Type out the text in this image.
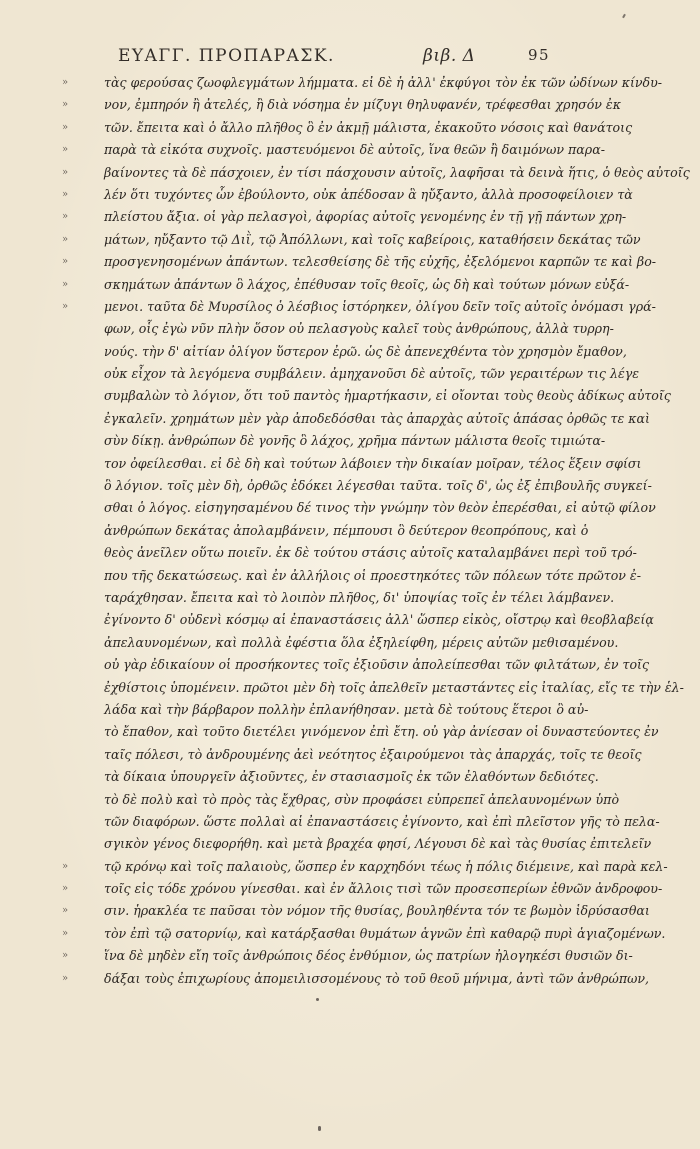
ΕΥΑΓΓ. ΠΡΟΠΑΡΑΣΚ.	βιβ. Δ	95
»	τὰς φερούσας ζωοφλεγμάτων λήμματα. εἰ δὲ ἡ ἀλλ' ἐκφύγοι τὸν ἐκ τῶν ὠδίνων κίνδυ-
»	νον, ἐμπηρόν ἢ ἀτελές, ἢ διὰ νόσημα ἐν μίζυγι θηλυφανέν, τρέφεσθαι χρησόν ἐκ
»	τῶν. ἔπειτα καὶ ὁ ἄλλο πλῆθος ὃ ἐν ἀκμῇ μάλιστα, ἐκακοῦτο νόσοις καὶ θανάτοις
»	παρὰ τὰ εἰκότα συχνοῖς. μαστευόμενοι δὲ αὐτοῖς, ἵνα θεῶν ἢ δαιμόνων παρα-
»	βαίνοντες τὰ δὲ πάσχοιεν, ἐν τίσι πάσχουσιν αὐτοῖς, λαφῆσαι τὰ δεινὰ ἥτις, ὁ θεὸς αὐτοῖς
»	λέν ὅτι τυχόντες ὧν ἐβούλοντο, οὐκ ἀπέδοσαν ἃ ηὔξαντο, ἀλλὰ προσοφείλοιεν τὰ
»	πλείστου ἄξια. οἱ γὰρ πελασγοὶ, ἀφορίας αὐτοῖς γενομένης ἐν τῇ γῇ πάντων χρη-
»	μάτων, ηὔξαντο τῷ Διῒ, τῷ Ἀπόλλωνι, καὶ τοῖς καβείροις, καταθήσειν δεκάτας τῶν
»	προσγενησομένων ἀπάντων. τελεσθείσης δὲ τῆς εὐχῆς, ἐξελόμενοι καρπῶν τε καὶ βο-
»	σκημάτων ἀπάντων ὃ λάχος, ἐπέθυσαν τοῖς θεοῖς, ὡς δὴ καὶ τούτων μόνων εὐξά-
»	μενοι. ταῦτα δὲ Μυρσίλος ὁ λέσβιος ἱστόρηκεν, ὀλίγου δεῖν τοῖς αὐτοῖς ὀνόμασι γρά-
φων, οἷς ἐγὼ νῦν πλὴν ὅσον οὐ πελασγοὺς καλεῖ τοὺς ἀνθρώπους, ἀλλὰ τυρρη-
νούς. τὴν δ' αἰτίαν ὀλίγον ὕστερον ἐρῶ. ὡς δὲ ἀπενεχθέντα τὸν χρησμὸν ἔμαθον,
οὐκ εἶχον τὰ λεγόμενα συμβάλειν. ἀμηχανοῦσι δὲ αὐτοῖς, τῶν γεραιτέρων τις λέγε
συμβαλὼν τὸ λόγιον, ὅτι τοῦ παντὸς ἡμαρτήκασιν, εἰ οἴονται τοὺς θεοὺς ἀδίκως αὐτοῖς
ἐγκαλεῖν. χρημάτων μὲν γὰρ ἀποδεδόσθαι τὰς ἀπαρχὰς αὐτοῖς ἁπάσας ὀρθῶς τε καὶ
σὺν δίκῃ. ἀνθρώπων δὲ γονῆς ὃ λάχος, χρῆμα πάντων μάλιστα θεοῖς τιμιώτα-
τον ὀφείλεσθαι. εἰ δὲ δὴ καὶ τούτων λάβοιεν τὴν δικαίαν μοῖραν, τέλος ἕξειν σφίσι
ὃ λόγιον. τοῖς μὲν δὴ, ὀρθῶς ἐδόκει λέγεσθαι ταῦτα. τοῖς δ', ὡς ἐξ ἐπιβουλῆς συγκεί-
σθαι ὁ λόγος. εἰσηγησαμένου δέ τινος τὴν γνώμην τὸν θεὸν ἐπερέσθαι, εἰ αὐτῷ φίλον
ἀνθρώπων δεκάτας ἀπολαμβάνειν, πέμπουσι ὃ δεύτερον θεοπρόπους, καὶ ὁ
θεὸς ἀνεῖλεν οὕτω ποιεῖν. ἐκ δὲ τούτου στάσις αὐτοῖς καταλαμβάνει περὶ τοῦ τρό-
που τῆς δεκατώσεως. καὶ ἐν ἀλλήλοις οἱ προεστηκότες τῶν πόλεων τότε πρῶτον ἐ-
ταράχθησαν. ἔπειτα καὶ τὸ λοιπὸν πλῆθος, δι' ὑποψίας τοῖς ἐν τέλει λάμβανεν.
ἐγίνοντο δ' οὐδενὶ κόσμῳ αἱ ἐπαναστάσεις ἀλλ' ὥσπερ εἰκὸς, οἴστρῳ καὶ θεοβλαβείᾳ
ἀπελαυνομένων, καὶ πολλὰ ἐφέστια ὅλα ἐξηλείφθη, μέρεις αὐτῶν μεθισαμένου.
οὐ γὰρ ἐδικαίουν οἱ προσήκοντες τοῖς ἐξιοῦσιν ἀπολείπεσθαι τῶν φιλτάτων, ἐν τοῖς
ἐχθίστοις ὑπομένειν. πρῶτοι μὲν δὴ τοῖς ἀπελθεῖν μεταστάντες εἰς ἰταλίας, εἴς τε τὴν ἑλ-
λάδα καὶ τὴν βάρβαρον πολλὴν ἐπλανήθησαν. μετὰ δὲ τούτους ἕτεροι ὃ αὐ-
τὸ ἔπαθον, καὶ τοῦτο διετέλει γινόμενον ἐπὶ ἔτη. οὐ γὰρ ἀνίεσαν οἱ δυναστεύοντες ἐν
ταῖς πόλεσι, τὸ ἀνδρουμένης ἀεὶ νεότητος ἐξαιρούμενοι τὰς ἀπαρχάς, τοῖς τε θεοῖς
τὰ δίκαια ὑπουργεῖν ἀξιοῦντες, ἐν στασιασμοῖς ἐκ τῶν ἐλαθόντων δεδιότες.
τὸ δὲ πολὺ καὶ τὸ πρὸς τὰς ἔχθρας, σὺν προφάσει εὐπρεπεῖ ἀπελαυνομένων ὑπὸ
τῶν διαφόρων. ὥστε πολλαὶ αἱ ἐπαναστάσεις ἐγίνοντο, καὶ ἐπὶ πλεῖστον γῆς τὸ πελα-
σγικὸν γένος διεφορήθη. καὶ μετὰ βραχέα φησί, Λέγουσι δὲ καὶ τὰς θυσίας ἐπιτελεῖν
»	τῷ κρόνῳ καὶ τοῖς παλαιοὺς, ὥσπερ ἐν καρχηδόνι τέως ἡ πόλις διέμεινε, καὶ παρὰ κελ-
»	τοῖς εἰς τόδε χρόνου γίνεσθαι. καὶ ἐν ἄλλοις τισὶ τῶν προσεσπερίων ἐθνῶν ἀνδροφου-
»	σιν. ἡρακλέα τε παῦσαι τὸν νόμον τῆς θυσίας, βουληθέντα τόν τε βωμὸν ἱδρύσασθαι
»	τὸν ἐπὶ τῷ σατορνίῳ, καὶ κατάρξασθαι θυμάτων ἁγνῶν ἐπὶ καθαρῷ πυρὶ ἁγιαζομένων.
»	ἵνα δὲ μηδὲν εἴη τοῖς ἀνθρώποις δέος ἐνθύμιον, ὡς πατρίων ἠλογηκέσι θυσιῶν δι-
»	δάξαι τοὺς ἐπιχωρίους ἀπομειλισσομένους τὸ τοῦ θεοῦ μήνιμα, ἀντὶ τῶν ἀνθρώπων,
